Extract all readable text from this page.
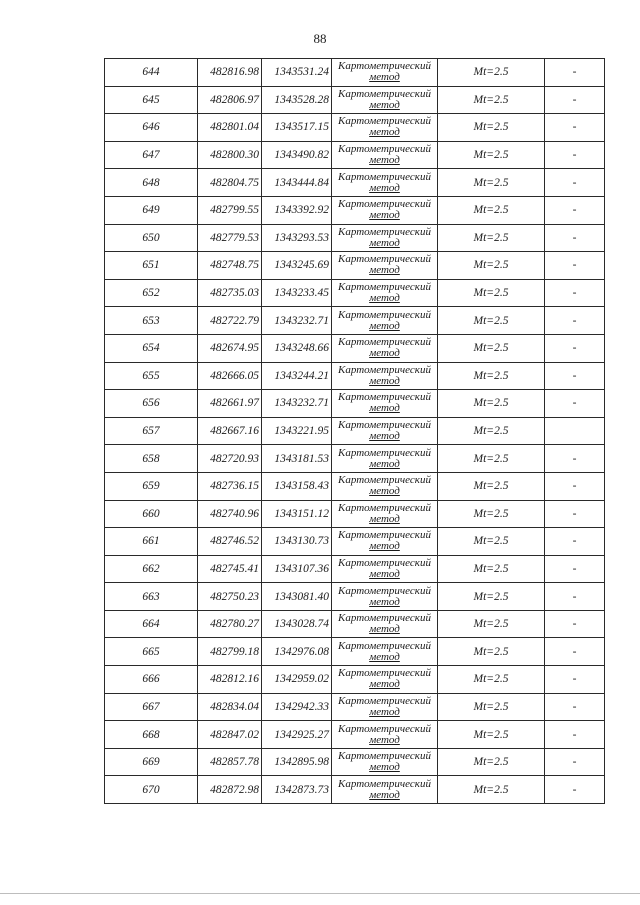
88
644	482816.98	1343531.24	Картометрический
метод	Mt=2.5	-
645	482806.97	1343528.28	Картометрический
метод	Mt=2.5	-
646	482801.04	1343517.15	Картометрический
метод	Mt=2.5	-
647	482800.30	1343490.82	Картометрический
метод	Mt=2.5	-
648	482804.75	1343444.84	Картометрический
метод	Mt=2.5	-
649	482799.55	1343392.92	Картометрический
метод	Mt=2.5	-
650	482779.53	1343293.53	Картометрический
метод	Mt=2.5	-
651	482748.75	1343245.69	Картометрический
метод	Mt=2.5	-
652	482735.03	1343233.45	Картометрический
метод	Mt=2.5	-
653	482722.79	1343232.71	Картометрический
метод	Mt=2.5	-
654	482674.95	1343248.66	Картометрический
метод	Mt=2.5	-
655	482666.05	1343244.21	Картометрический
метод	Mt=2.5	-
656	482661.97	1343232.71	Картометрический
метод	Mt=2.5	-
657	482667.16	1343221.95	Картометрический
метод	Mt=2.5	
658	482720.93	1343181.53	Картометрический
метод	Mt=2.5	-
659	482736.15	1343158.43	Картометрический
метод	Mt=2.5	-
660	482740.96	1343151.12	Картометрический
метод	Mt=2.5	-
661	482746.52	1343130.73	Картометрический
метод	Mt=2.5	-
662	482745.41	1343107.36	Картометрический
метод	Mt=2.5	-
663	482750.23	1343081.40	Картометрический
метод	Mt=2.5	-
664	482780.27	1343028.74	Картометрический
метод	Mt=2.5	-
665	482799.18	1342976.08	Картометрический
метод	Mt=2.5	-
666	482812.16	1342959.02	Картометрический
метод	Mt=2.5	-
667	482834.04	1342942.33	Картометрический
метод	Mt=2.5	-
668	482847.02	1342925.27	Картометрический
метод	Mt=2.5	-
669	482857.78	1342895.98	Картометрический
метод	Mt=2.5	-
670	482872.98	1342873.73	Картометрический
метод	Mt=2.5	-
